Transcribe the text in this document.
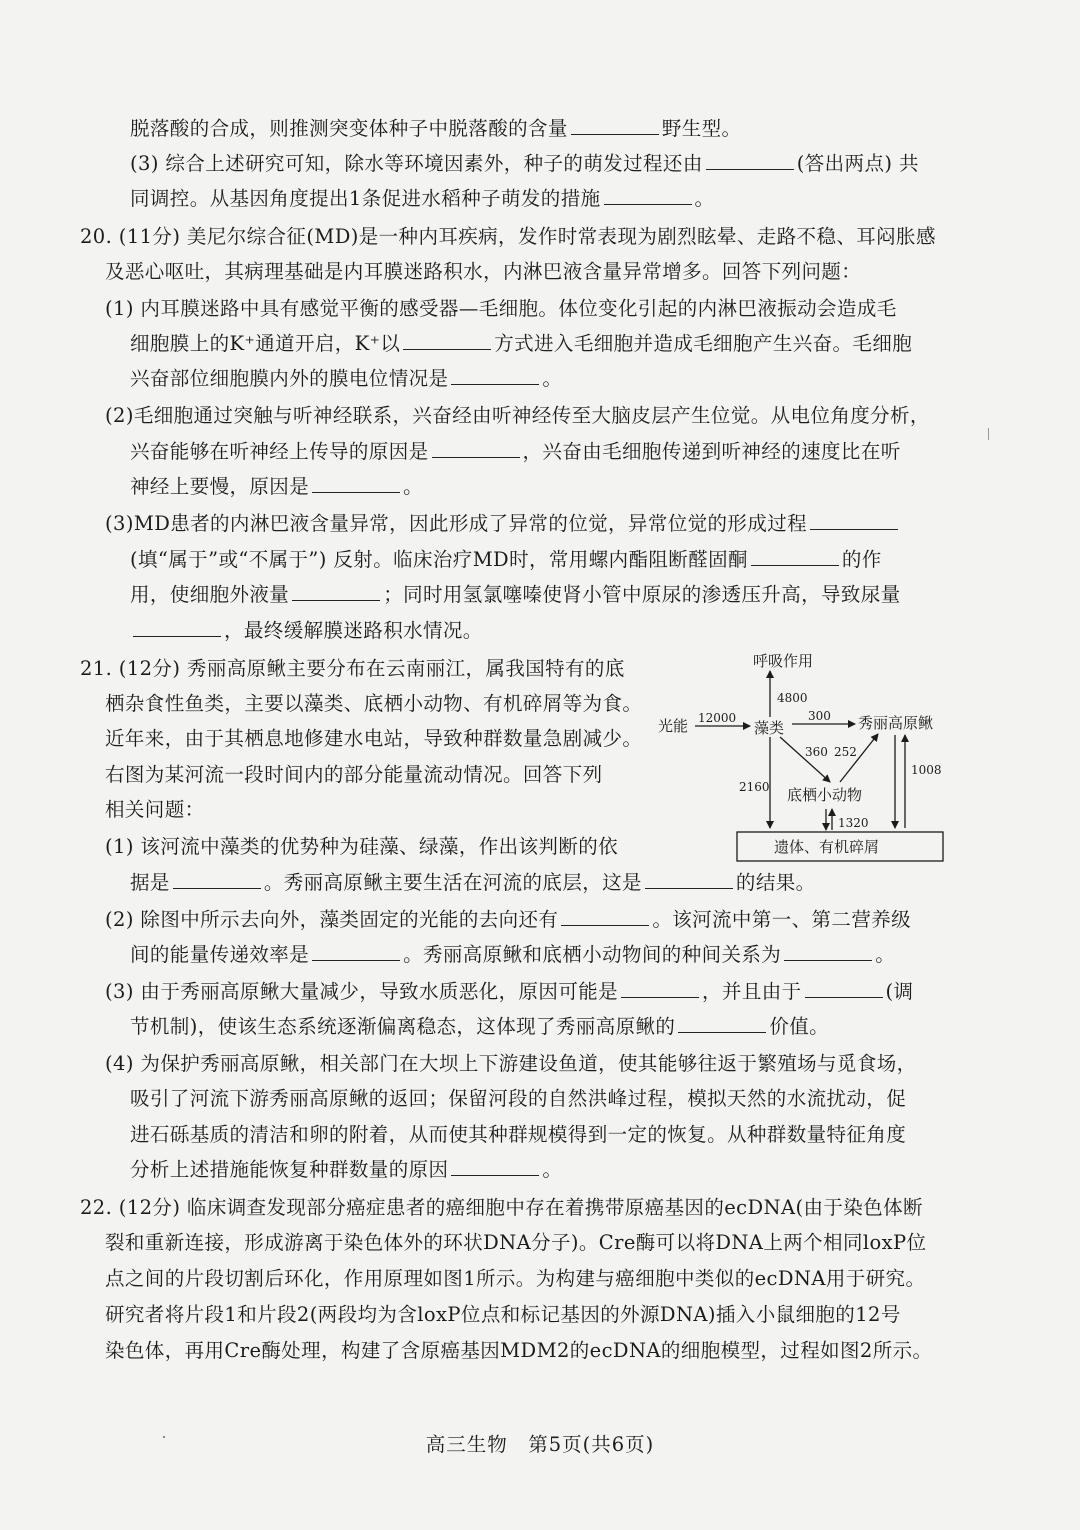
脱落酸的合成，则推测突变体种子中脱落酸的含量	野生型。
(3) 综合上述研究可知，除水等环境因素外，种子的萌发过程还由	(答出两点) 共
同调控。从基因角度提出1条促进水稻种子萌发的措施	。
20. (11分) 美尼尔综合征(MD)是一种内耳疾病，发作时常表现为剧烈眩晕、走路不稳、耳闷胀感
及恶心呕吐，其病理基础是内耳膜迷路积水，内淋巴液含量异常增多。回答下列问题：
(1) 内耳膜迷路中具有感觉平衡的感受器—毛细胞。体位变化引起的内淋巴液振动会造成毛
细胞膜上的K⁺通道开启，K⁺以	方式进入毛细胞并造成毛细胞产生兴奋。毛细胞
兴奋部位细胞膜内外的膜电位情况是	。
(2)毛细胞通过突触与听神经联系，兴奋经由听神经传至大脑皮层产生位觉。从电位角度分析，
兴奋能够在听神经上传导的原因是	，兴奋由毛细胞传递到听神经的速度比在听
神经上要慢，原因是	。
(3)MD患者的内淋巴液含量异常，因此形成了异常的位觉，异常位觉的形成过程
(填“属于”或“不属于”) 反射。临床治疗MD时，常用螺内酯阻断醛固酮	的作
用，使细胞外液量	；同时用氢氯噻嗪使肾小管中原尿的渗透压升高，导致尿量
，最终缓解膜迷路积水情况。
21. (12分) 秀丽高原鳅主要分布在云南丽江，属我国特有的底
栖杂食性鱼类，主要以藻类、底栖小动物、有机碎屑等为食。
近年来，由于其栖息地修建水电站，导致种群数量急剧减少。
右图为某河流一段时间内的部分能量流动情况。回答下列
相关问题：
(1) 该河流中藻类的优势种为硅藻、绿藻，作出该判断的依
据是	。秀丽高原鳅主要生活在河流的底层，这是	的结果。
(2) 除图中所示去向外，藻类固定的光能的去向还有	。该河流中第一、第二营养级
间的能量传递效率是	。秀丽高原鳅和底栖小动物间的种间关系为	。
(3) 由于秀丽高原鳅大量减少，导致水质恶化，原因可能是	，并且由于	(调
节机制)，使该生态系统逐渐偏离稳态，这体现了秀丽高原鳅的	价值。
(4) 为保护秀丽高原鳅，相关部门在大坝上下游建设鱼道，使其能够往返于繁殖场与觅食场，
吸引了河流下游秀丽高原鳅的返回；保留河段的自然洪峰过程，模拟天然的水流扰动，促
进石砾基质的清洁和卵的附着，从而使其种群规模得到一定的恢复。从种群数量特征角度
分析上述措施能恢复种群数量的原因	。
22. (12分) 临床调查发现部分癌症患者的癌细胞中存在着携带原癌基因的ecDNA(由于染色体断
裂和重新连接，形成游离于染色体外的环状DNA分子)。Cre酶可以将DNA上两个相同loxP位
点之间的片段切割后环化，作用原理如图1所示。为构建与癌细胞中类似的ecDNA用于研究。
研究者将片段1和片段2(两段均为含loxP位点和标记基因的外源DNA)插入小鼠细胞的12号
染色体，再用Cre酶处理，构建了含原癌基因MDM2的ecDNA的细胞模型，过程如图2所示。
呼吸作用
光能	藻类	秀丽高原鳅
底栖小动物
遗体、有机碎屑
4800
12000	300
360 252
2160
1008
1320
高三生物　第5页(共6页)
